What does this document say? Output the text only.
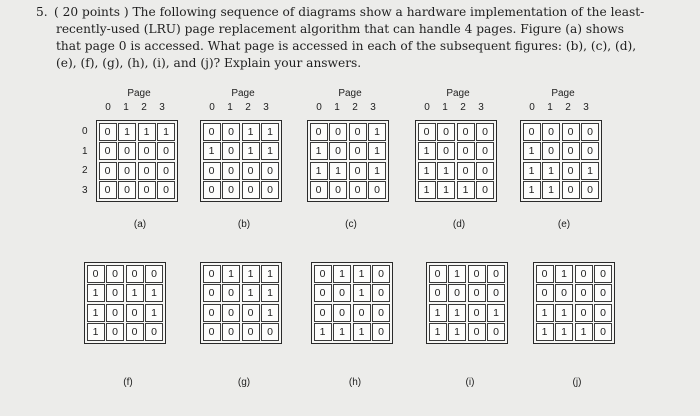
5. ( 20 points ) The following sequence of diagrams show a hardware implementation of the least-recently-used (LRU) page replacement algorithm that can handle 4 pages. Figure (a) shows that page 0 is accessed. What page is accessed in each of the subsequent figures: (b), (c), (d), (e), (f), (g), (h), (i), and (j)? Explain your answers.

0	1	1	1
0	0	0	0
0	0	0	0
0	0	0	0
Page
0	1	2	3
0
1
2
3
(a)
0	0	1	1
1	0	1	1
0	0	0	0
0	0	0	0
Page
0	1	2	3
(b)
0	0	0	1
1	0	0	1
1	1	0	1
0	0	0	0
Page
0	1	2	3
(c)
0	0	0	0
1	0	0	0
1	1	0	0
1	1	1	0
Page
0	1	2	3
(d)
0	0	0	0
1	0	0	0
1	1	0	1
1	1	0	0
Page
0	1	2	3
(e)
0	0	0	0
1	0	1	1
1	0	0	1
1	0	0	0
(f)
0	1	1	1
0	0	1	1
0	0	0	1
0	0	0	0
(g)
0	1	1	0
0	0	1	0
0	0	0	0
1	1	1	0
(h)
0	1	0	0
0	0	0	0
1	1	0	1
1	1	0	0
(i)
0	1	0	0
0	0	0	0
1	1	0	0
1	1	1	0
(j)
